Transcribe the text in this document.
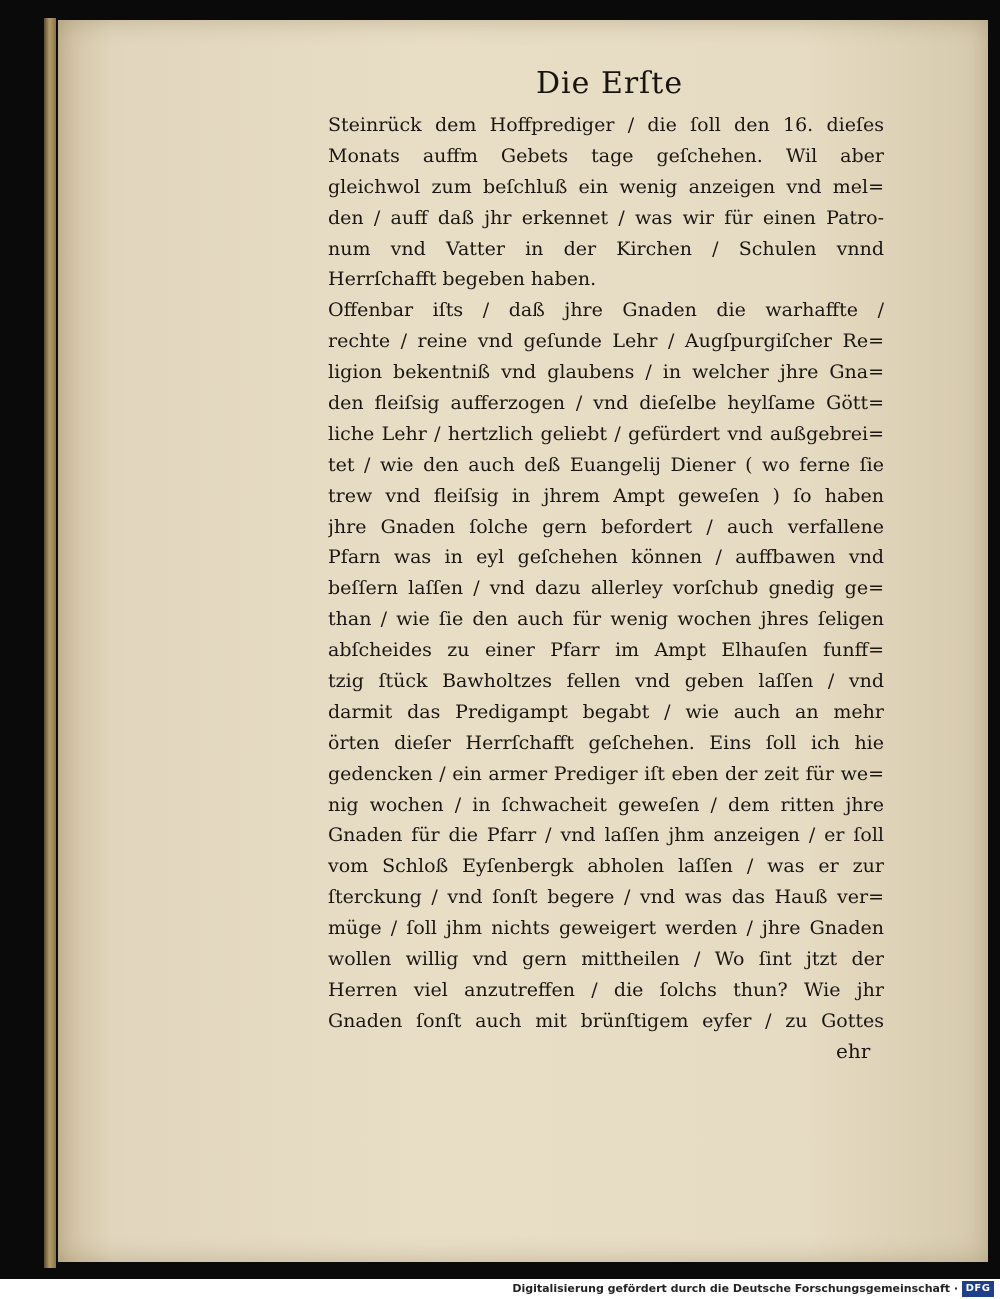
Die Erſte
Steinrück dem Hoffprediger / die ſoll den 16. dieſes
Monats auffm Gebets tage geſchehen. Wil aber
gleichwol zum beſchluß ein wenig anzeigen vnd mel=
den / auff daß jhr erkennet / was wir für einen Patro-
num vnd Vatter in der Kirchen / Schulen vnnd
Herrſchafft begeben haben.
Offenbar iſts / daß jhre Gnaden die warhaffte /
rechte / reine vnd geſunde Lehr / Augſpurgiſcher Re=
ligion bekentniß vnd glaubens / in welcher jhre Gna=
den fleiſsig aufferzogen / vnd dieſelbe heylſame Gött=
liche Lehr / hertzlich geliebt / gefürdert vnd außgebrei=
tet / wie den auch deß Euangelij Diener ( wo ferne ſie
trew vnd fleiſsig in jhrem Ampt geweſen ) ſo haben
jhre Gnaden ſolche gern befordert / auch verfallene
Pfarn was in eyl geſchehen können / auffbawen vnd
beſſern laſſen / vnd dazu allerley vorſchub gnedig ge=
than / wie ſie den auch für wenig wochen jhres ſeligen
abſcheides zu einer Pfarr im Ampt Elhauſen funff=
tzig ſtück Bawholtzes fellen vnd geben laſſen / vnd
darmit das Predigampt begabt / wie auch an mehr
örten dieſer Herrſchafft geſchehen. Eins ſoll ich hie
gedencken / ein armer Prediger iſt eben der zeit für we=
nig wochen / in ſchwacheit geweſen / dem ritten jhre
Gnaden für die Pfarr / vnd laſſen jhm anzeigen / er ſoll
vom Schloß Eyſenbergk abholen laſſen / was er zur
ſterckung / vnd ſonſt begere / vnd was das Hauß ver=
müge / ſoll jhm nichts geweigert werden / jhre Gnaden
wollen willig vnd gern mittheilen / Wo ſint jtzt der
Herren viel anzutreffen / die ſolchs thun? Wie jhr
Gnaden ſonſt auch mit brünſtigem eyfer / zu Gottes
ehr
Digitalisierung gefördert durch die Deutsche Forschungsgemeinschaft · DFG
